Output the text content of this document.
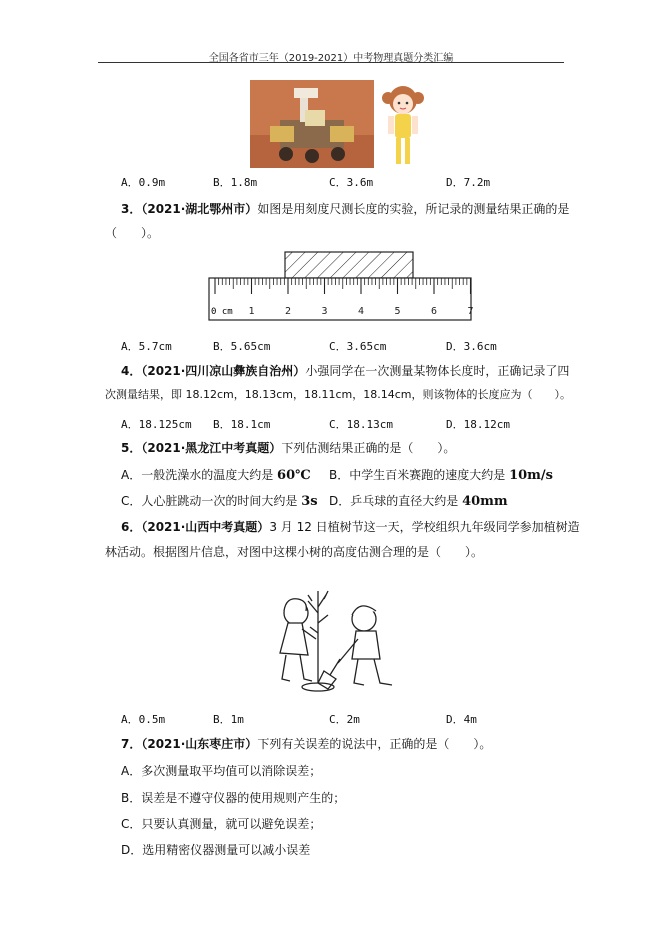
全国各省市三年（2019-2021）中考物理真题分类汇编
A．0.9m	B．1.8m	C．3.6m	D．7.2m
3．（2021·湖北鄂州市）如图是用刻度尺测长度的实验，所记录的测量结果正确的是
（　　）。
0 cm 1	2	3	4	5	6	7
A．5.7cm	B．5.65cm	C．3.65cm	D．3.6cm
4．（2021·四川凉山彝族自治州）小强同学在一次测量某物体长度时，正确记录了四
次测量结果，即 18.12cm，18.13cm，18.11cm，18.14cm，则该物体的长度应为（　　）。
A．18.125cm B．18.1cm	C．18.13cm	D．18.12cm
5．（2021·黑龙江中考真题）下列估测结果正确的是（　　）。
A．一般洗澡水的温度大约是 60℃ B．中学生百米赛跑的速度大约是 10m/s
C．人心脏跳动一次的时间大约是 3s D．乒乓球的直径大约是 40mm
6．（2021·山西中考真题）3 月 12 日植树节这一天，学校组织九年级同学参加植树造
林活动。根据图片信息，对图中这棵小树的高度估测合理的是（　　）。
A．0.5m	B．1m	C．2m	D．4m
7．（2021·山东枣庄市）下列有关误差的说法中，正确的是（　　）。
A．多次测量取平均值可以消除误差；
B．误差是不遵守仪器的使用规则产生的；
C．只要认真测量，就可以避免误差；
D．选用精密仪器测量可以减小误差
